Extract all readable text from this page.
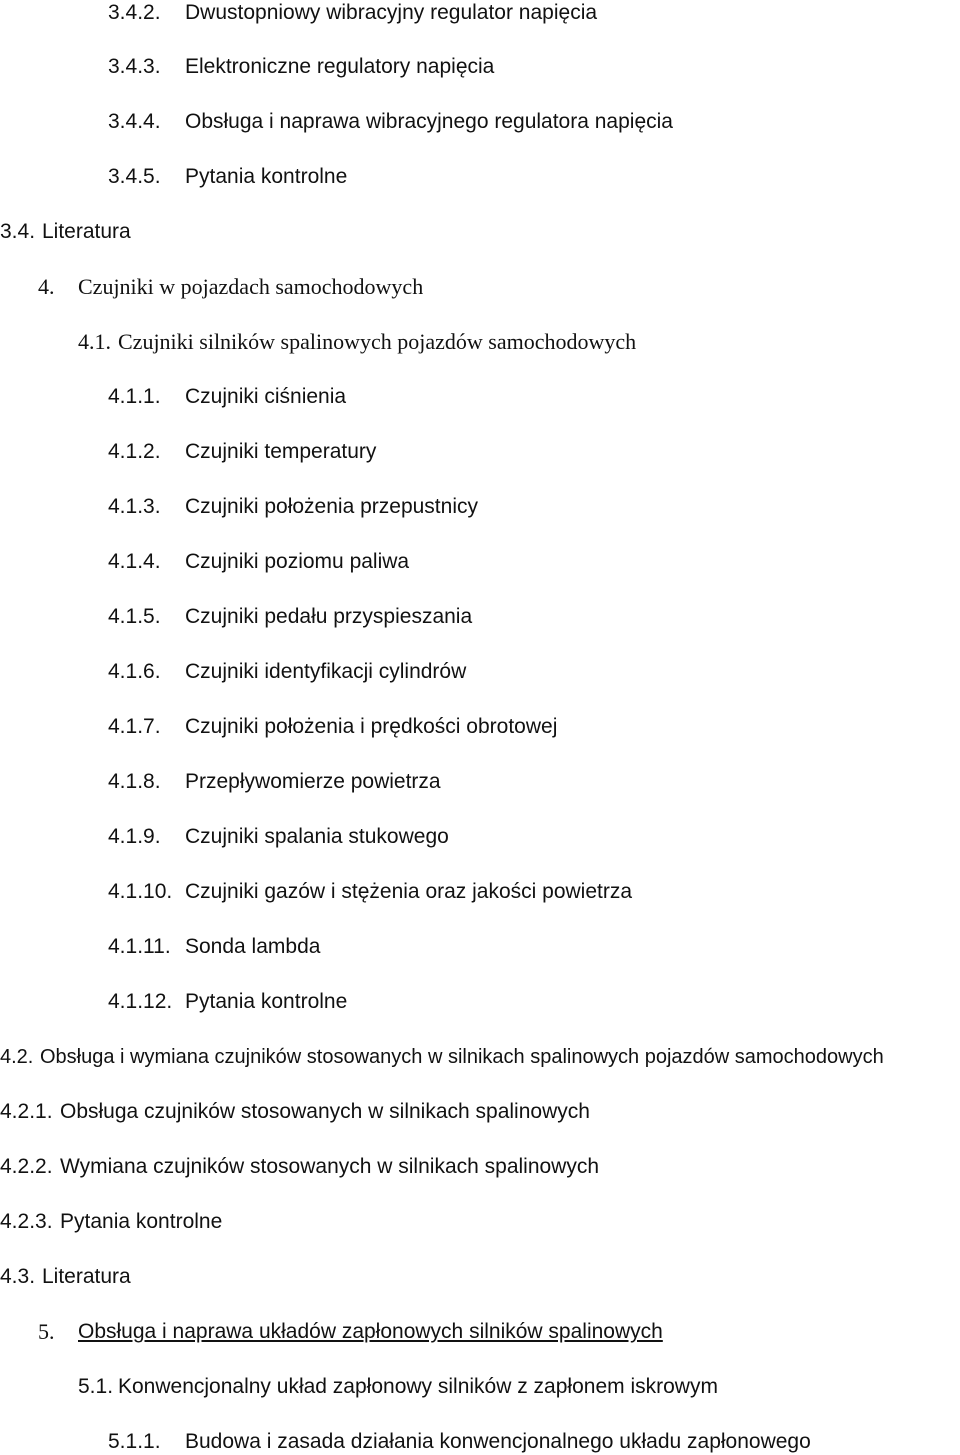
3.4.2. Dwustopniowy wibracyjny regulator napięcia
3.4.3. Elektroniczne regulatory napięcia
3.4.4. Obsługa i naprawa wibracyjnego regulatora napięcia
3.4.5. Pytania kontrolne
3.4. Literatura
4. Czujniki w pojazdach samochodowych
4.1. Czujniki silników spalinowych pojazdów samochodowych
4.1.1. Czujniki ciśnienia
4.1.2. Czujniki temperatury
4.1.3. Czujniki położenia przepustnicy
4.1.4. Czujniki poziomu paliwa
4.1.5. Czujniki pedału przyspieszania
4.1.6. Czujniki identyfikacji cylindrów
4.1.7. Czujniki położenia i prędkości obrotowej
4.1.8. Przepływomierze powietrza
4.1.9. Czujniki spalania stukowego
4.1.10. Czujniki gazów i stężenia oraz jakości powietrza
4.1.11. Sonda lambda
4.1.12. Pytania kontrolne
4.2. Obsługa i wymiana czujników stosowanych w silnikach spalinowych pojazdów samochodowych
4.2.1. Obsługa czujników stosowanych w silnikach spalinowych
4.2.2. Wymiana czujników stosowanych w silnikach spalinowych
4.2.3. Pytania kontrolne
4.3. Literatura
5. Obsługa i naprawa układów zapłonowych silników spalinowych
5.1. Konwencjonalny układ zapłonowy silników z zapłonem iskrowym
5.1.1. Budowa i zasada działania konwencjonalnego układu zapłonowego
